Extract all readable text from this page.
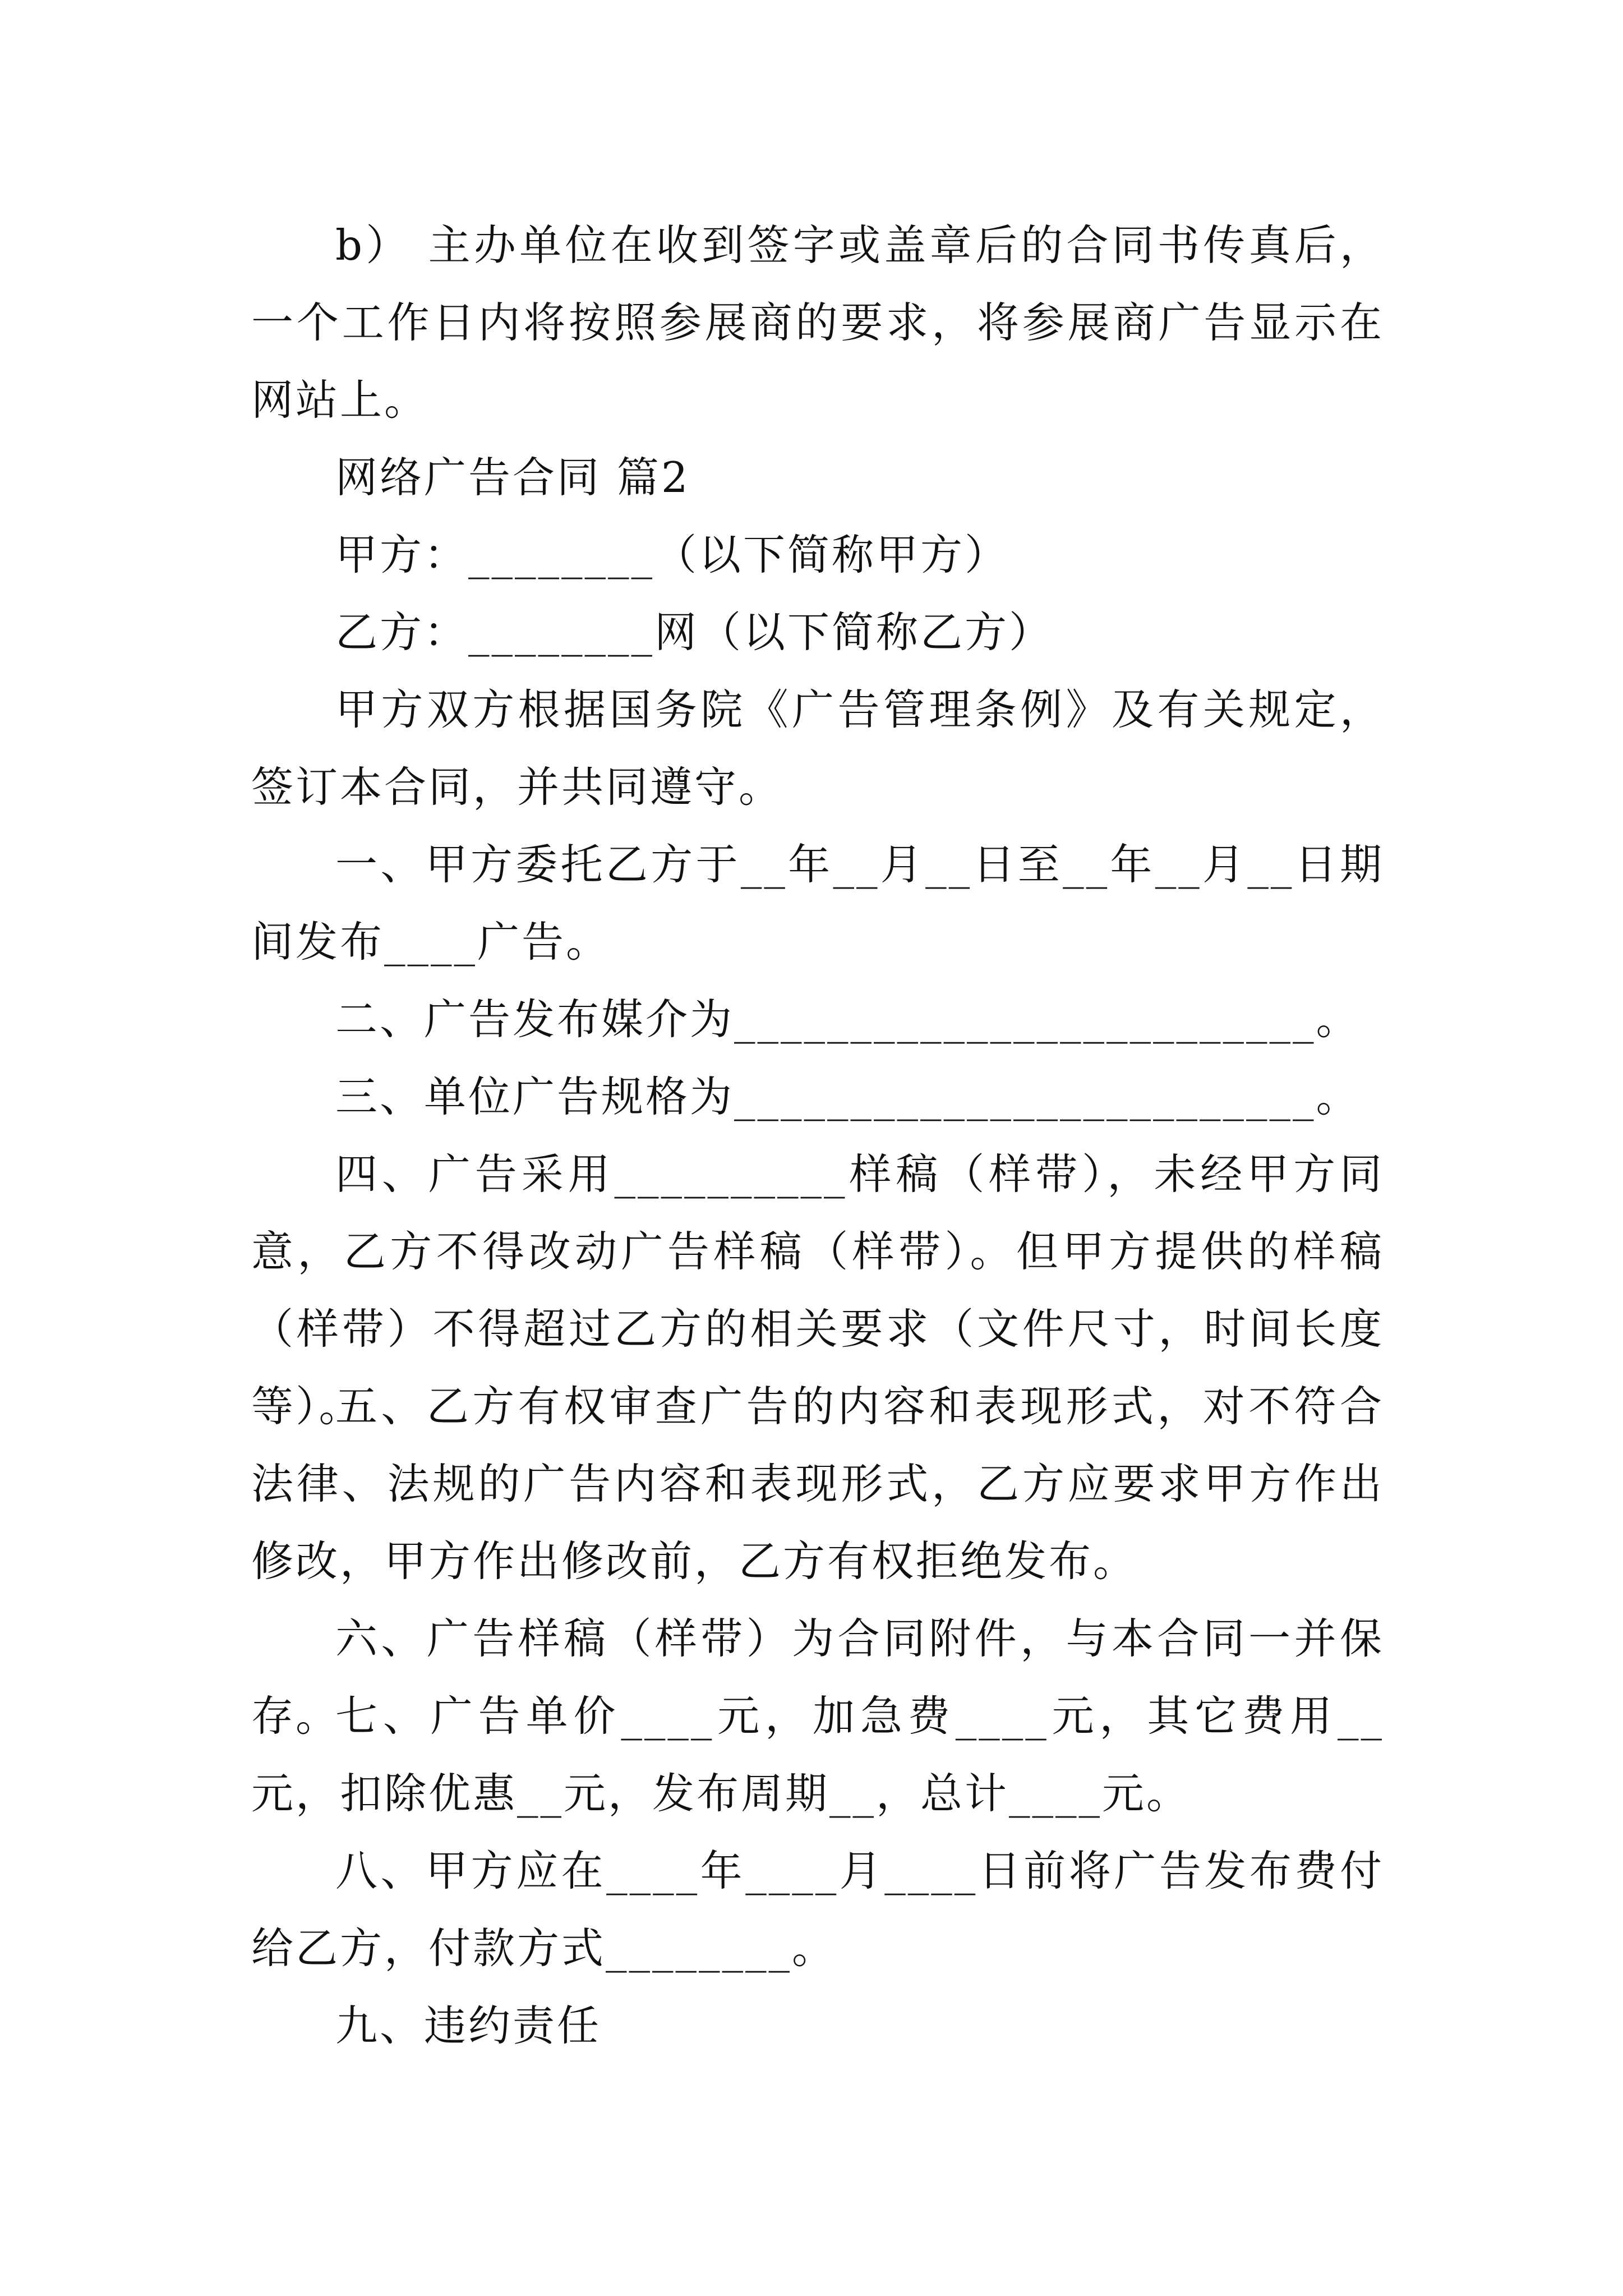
b） 主办单位在收到签字或盖章后的合同书传真后，一个工作日内将按照参展商的要求，将参展商广告显示在网站上。

网络广告合同 篇2

甲方：________（以下简称甲方）

乙方：________网（以下简称乙方）

甲方双方根据国务院《广告管理条例》及有关规定，签订本合同，并共同遵守。

一、甲方委托乙方于__年__月__日至__年__月__日期间发布____广告。

二、广告发布媒介为_________________________。

三、单位广告规格为_________________________。

四、广告采用__________样稿（样带），未经甲方同意，乙方不得改动广告样稿（样带）。但甲方提供的样稿（样带）不得超过乙方的相关要求（文件尺寸，时间长度等）。

五、乙方有权审查广告的内容和表现形式，对不符合法律、法规的广告内容和表现形式，乙方应要求甲方作出修改，甲方作出修改前，乙方有权拒绝发布。

六、广告样稿（样带）为合同附件，与本合同一并保存。

七、广告单价____元，加急费____元，其它费用__元，扣除优惠__元，发布周期__，总计____元。

八、甲方应在____年____月____日前将广告发布费付给乙方，付款方式________。

九、违约责任
